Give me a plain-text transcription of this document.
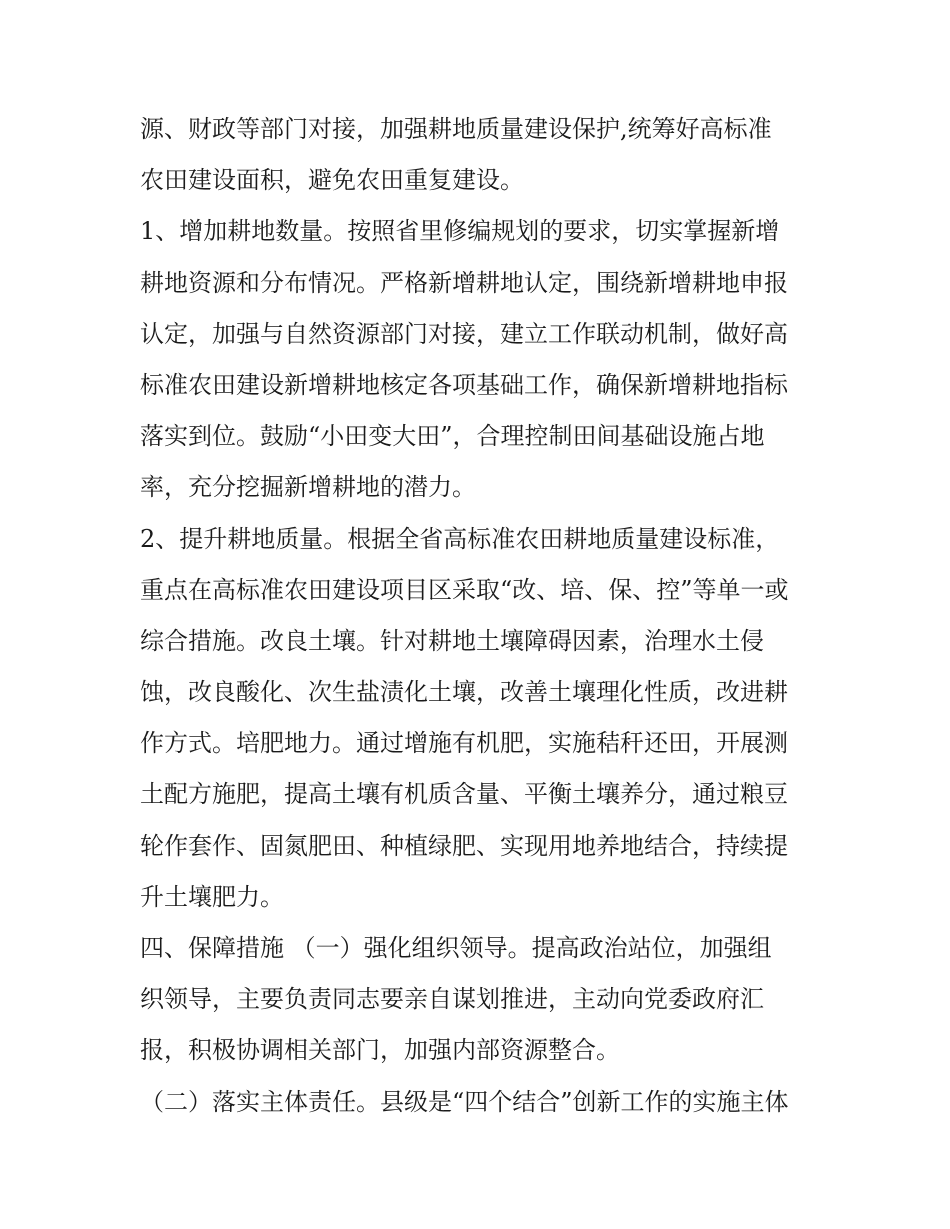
源、财政等部门对接，加强耕地质量建设保护,统筹好高标准
农田建设面积，避免农田重复建设。
1、增加耕地数量。按照省里修编规划的要求，切实掌握新增
耕地资源和分布情况。严格新增耕地认定，围绕新增耕地申报
认定，加强与自然资源部门对接，建立工作联动机制，做好高
标准农田建设新增耕地核定各项基础工作，确保新增耕地指标
落实到位。鼓励“小田变大田”，合理控制田间基础设施占地
率，充分挖掘新增耕地的潜力。
2、提升耕地质量。根据全省高标准农田耕地质量建设标准，
重点在高标准农田建设项目区采取“改、培、保、控”等单一或
综合措施。改良土壤。针对耕地土壤障碍因素，治理水土侵
蚀，改良酸化、次生盐渍化土壤，改善土壤理化性质，改进耕
作方式。培肥地力。通过增施有机肥，实施秸秆还田，开展测
土配方施肥，提高土壤有机质含量、平衡土壤养分，通过粮豆
轮作套作、固氮肥田、种植绿肥、实现用地养地结合，持续提
升土壤肥力。
四、保障措施 （一）强化组织领导。提高政治站位，加强组
织领导，主要负责同志要亲自谋划推进，主动向党委政府汇
报，积极协调相关部门，加强内部资源整合。
（二）落实主体责任。县级是“四个结合”创新工作的实施主体
